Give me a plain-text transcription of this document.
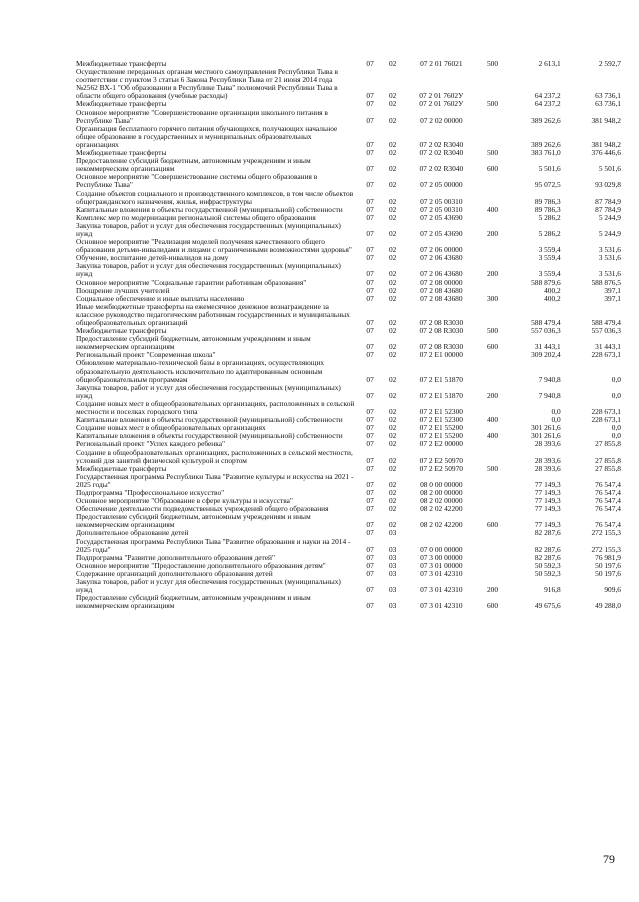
Межбюджетные трансферты	07	02	07 2 01 76021	500	2 613,1	2 592,7
Осуществление переданных органам местного самоуправления Республики Тыва в соответствии с пунктом 3 статьи 6 Закона Республики Тыва от 21 июня 2014 года №2562 ВХ-1 "Об образовании в Республике Тыва" полномочий Республики Тыва в области общего образования (учебные расходы)	07	02	07 2 01 7602У		64 237,2	63 736,1
Межбюджетные трансферты	07	02	07 2 01 7602У	500	64 237,2	63 736,1
Основное мероприятие "Совершенствование организации школьного питания в Республике Тыва"	07	02	07 2 02 00000		389 262,6	381 948,2
Организация бесплатного горячего питания обучающихся, получающих начальное общее образование в государственных и муниципальных образовательных организациях	07	02	07 2 02 R3040		389 262,6	381 948,2
Межбюджетные трансферты	07	02	07 2 02 R3040	500	383 761,0	376 446,6
Предоставление субсидий бюджетным, автономным учреждениям и иным некоммерческим организациям	07	02	07 2 02 R3040	600	5 501,6	5 501,6
Основное мероприятие "Совершенствование системы общего образования в Республике Тыва"	07	02	07 2 05 00000		95 072,5	93 029,8
Создание объектов социального и производственного комплексов, в том числе объектов общегражданского назначения, жилья, инфраструктуры	07	02	07 2 05 00310		89 786,3	87 784,9
Капитальные вложения в объекты государственной (муниципальной) собственности	07	02	07 2 05 00310	400	89 786,3	87 784,9
Комплекс мер по модернизации региональной системы общего образования	07	02	07 2 05 43690		5 286,2	5 244,9
Закупка товаров, работ и услуг для обеспечения государственных (муниципальных) нужд	07	02	07 2 05 43690	200	5 286,2	5 244,9
Основное мероприятие "Реализация моделей получения качественного общего образования детьми-инвалидами и лицами с ограниченными возможностями здоровья"	07	02	07 2 06 00000		3 559,4	3 531,6
Обучение, воспитание детей-инвалидов на дому	07	02	07 2 06 43680		3 559,4	3 531,6
Закупка товаров, работ и услуг для обеспечения государственных (муниципальных) нужд	07	02	07 2 06 43680	200	3 559,4	3 531,6
Основное мероприятие "Социальные гарантии работникам образования"	07	02	07 2 08 00000		588 879,6	588 876,5
Поощрение лучших учителей	07	02	07 2 08 43680		400,2	397,1
Социальное обеспечение и иные выплаты населению	07	02	07 2 08 43680	300	400,2	397,1
Иные межбюджетные трансферты на ежемесячное денежное вознаграждение за классное руководство педагогическим работникам государственных и муниципальных общеобразовательных организаций	07	02	07 2 08 R3030		588 479,4	588 479,4
Межбюджетные трансферты	07	02	07 2 08 R3030	500	557 036,3	557 036,3
Предоставление субсидий бюджетным, автономным учреждениям и иным некоммерческим организациям	07	02	07 2 08 R3030	600	31 443,1	31 443,1
Региональный проект "Современная школа"	07	02	07 2 E1 00000		309 202,4	228 673,1
Обновление материально-технической базы в организациях, осуществляющих образовательную деятельность исключительно по адаптированным основным общеобразовательным программам	07	02	07 2 E1 51870		7 940,8	0,0
Закупка товаров, работ и услуг для обеспечения государственных (муниципальных) нужд	07	02	07 2 E1 51870	200	7 940,8	0,0
Создание новых мест в общеобразовательных организациях, расположенных в сельской местности и поселках городского типа	07	02	07 2 E1 52300		0,0	228 673,1
Капитальные вложения в объекты государственной (муниципальной) собственности	07	02	07 2 E1 52300	400	0,0	228 673,1
Создание новых мест в общеобразовательных организациях	07	02	07 2 E1 55200		301 261,6	0,0
Капитальные вложения в объекты государственной (муниципальной) собственности	07	02	07 2 E1 55200	400	301 261,6	0,0
Региональный проект "Успех каждого ребенка"	07	02	07 2 E2 00000		28 393,6	27 855,8
Создание в общеобразовательных организациях, расположенных в сельской местности, условий для занятий физической культурой и спортом	07	02	07 2 E2 50970		28 393,6	27 855,8
Межбюджетные трансферты	07	02	07 2 E2 50970	500	28 393,6	27 855,8
Государственная программа Республики Тыва "Развитие культуры и искусства на 2021 - 2025 годы"	07	02	08 0 00 00000		77 149,3	76 547,4
Подпрограмма "Профессиональное искусство"	07	02	08 2 00 00000		77 149,3	76 547,4
Основное мероприятие "Образование в сфере культуры и искусства"	07	02	08 2 02 00000		77 149,3	76 547,4
Обеспечение деятельности подведомственных учреждений общего образования	07	02	08 2 02 42200		77 149,3	76 547,4
Предоставление субсидий бюджетным, автономным учреждениям и иным некоммерческим организациям	07	02	08 2 02 42200	600	77 149,3	76 547,4
Дополнительное образование детей	07	03			82 287,6	272 155,3
Государственная программа Республики Тыва "Развитие образования и науки на 2014 - 2025 годы"	07	03	07 0 00 00000		82 287,6	272 155,3
Подпрограмма "Развитие дополнительного образования детей"	07	03	07 3 00 00000		82 287,6	76 981,9
Основное мероприятие "Предоставление дополнительного образования детям"	07	03	07 3 01 00000		50 592,3	50 197,6
Содержание организаций дополнительного образования детей	07	03	07 3 01 42310		50 592,3	50 197,6
Закупка товаров, работ и услуг для обеспечения государственных (муниципальных) нужд	07	03	07 3 01 42310	200	916,8	909,6
Предоставление субсидий бюджетным, автономным учреждениям и иным некоммерческим организациям	07	03	07 3 01 42310	600	49 675,6	49 288,0
79
